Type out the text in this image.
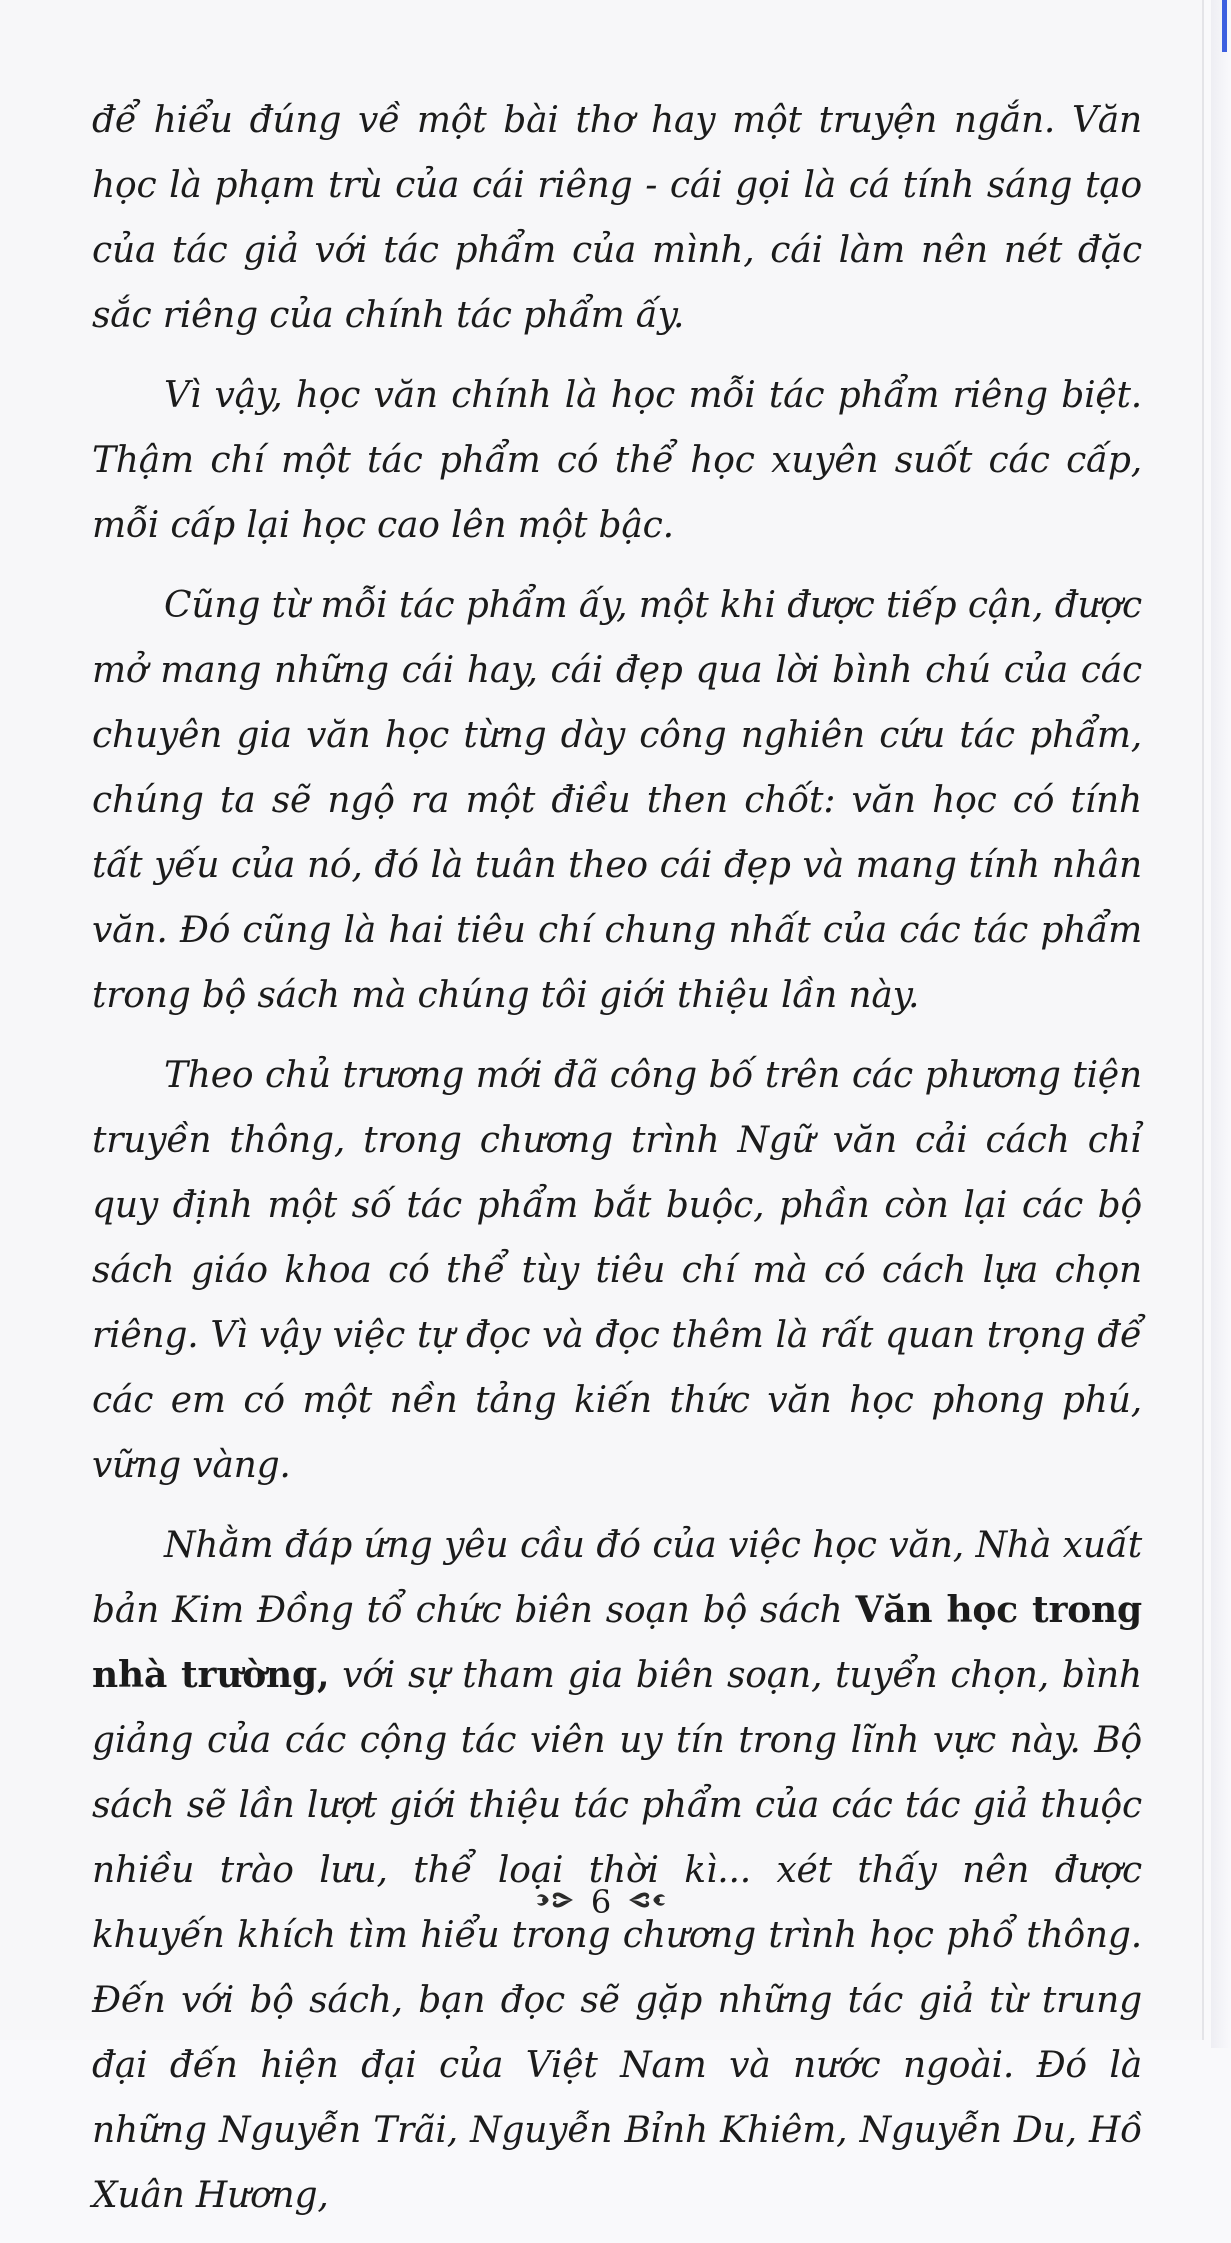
để hiểu đúng về một bài thơ hay một truyện ngắn. Văn học là phạm trù của cái riêng - cái gọi là cá tính sáng tạo của tác giả với tác phẩm của mình, cái làm nên nét đặc sắc riêng của chính tác phẩm ấy.

Vì vậy, học văn chính là học mỗi tác phẩm riêng biệt. Thậm chí một tác phẩm có thể học xuyên suốt các cấp, mỗi cấp lại học cao lên một bậc.

Cũng từ mỗi tác phẩm ấy, một khi được tiếp cận, được mở mang những cái hay, cái đẹp qua lời bình chú của các chuyên gia văn học từng dày công nghiên cứu tác phẩm, chúng ta sẽ ngộ ra một điều then chốt: văn học có tính tất yếu của nó, đó là tuân theo cái đẹp và mang tính nhân văn. Đó cũng là hai tiêu chí chung nhất của các tác phẩm trong bộ sách mà chúng tôi giới thiệu lần này.

Theo chủ trương mới đã công bố trên các phương tiện truyền thông, trong chương trình Ngữ văn cải cách chỉ quy định một số tác phẩm bắt buộc, phần còn lại các bộ sách giáo khoa có thể tùy tiêu chí mà có cách lựa chọn riêng. Vì vậy việc tự đọc và đọc thêm là rất quan trọng để các em có một nền tảng kiến thức văn học phong phú, vững vàng.

Nhằm đáp ứng yêu cầu đó của việc học văn, Nhà xuất bản Kim Đồng tổ chức biên soạn bộ sách Văn học trong nhà trường, với sự tham gia biên soạn, tuyển chọn, bình giảng của các cộng tác viên uy tín trong lĩnh vực này. Bộ sách sẽ lần lượt giới thiệu tác phẩm của các tác giả thuộc nhiều trào lưu, thể loại thời kì... xét thấy nên được khuyến khích tìm hiểu trong chương trình học phổ thông. Đến với bộ sách, bạn đọc sẽ gặp những tác giả từ trung đại đến hiện đại của Việt Nam và nước ngoài. Đó là những Nguyễn Trãi, Nguyễn Bỉnh Khiêm, Nguyễn Du, Hồ Xuân Hương,

6
